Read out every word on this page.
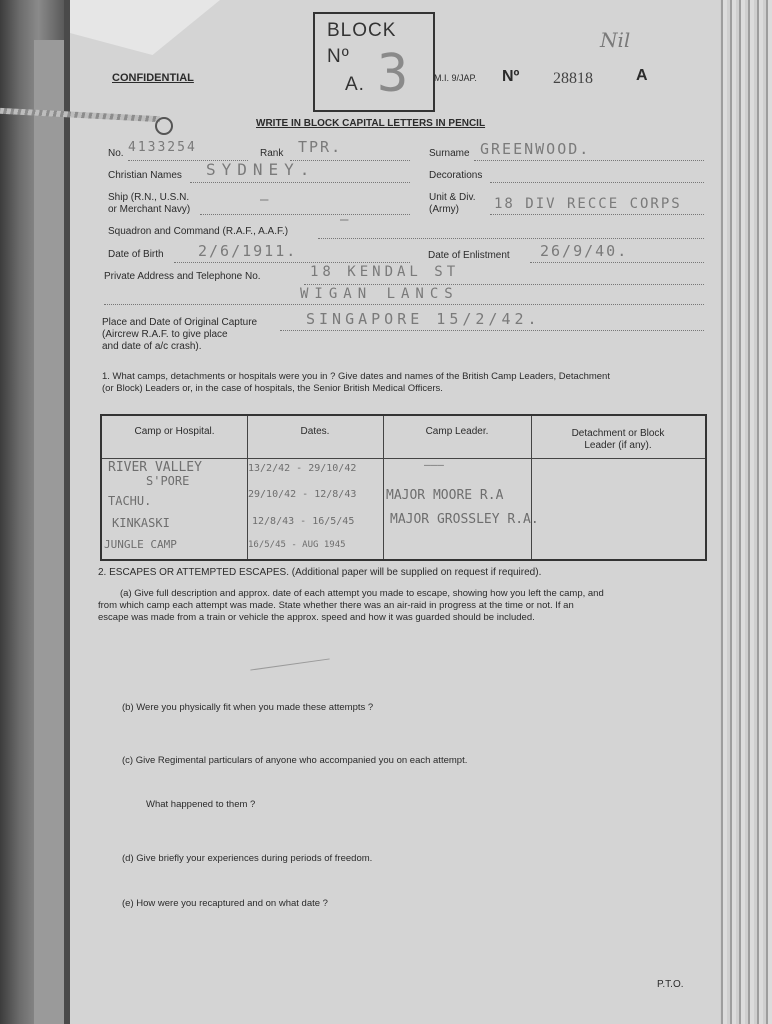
CONFIDENTIAL
BLOCK
Nº
A. 3
Nil
M.I. 9/JAP. Nº 28818	A
WRITE IN BLOCK CAPITAL LETTERS IN PENCIL
No. 4133254	Rank TPR.	Surname GREENWOOD.
Christian Names SYDNEY.	Decorations
Ship (R.N., U.S.N.
or Merchant Navy)
—	Unit & Div.
(Army)	18 DIV RECCE CORPS
Squadron and Command (R.A.F., A.A.F.)
—
Date of Birth 2/6/1911.	Date of Enlistment 26/9/40.
Private Address and Telephone No.	18 KENDAL ST
WIGAN LANCS
Place and Date of Original Capture
(Aircrew R.A.F. to give place
and date of a/c crash).
SINGAPORE 15/2/42.
1. What camps, detachments or hospitals were you in ? Give dates and names of the British Camp Leaders, Detachment
(or Block) Leaders or, in the case of hospitals, the Senior British Medical Officers.
Camp or Hospital.	Dates.	Camp Leader.	Detachment or Block
Leader (if any).
RIVER VALLEY	13/2/42 - 29/10/42	———
S'PORE
TACHU.	29/10/42 - 12/8/43 MAJOR MOORE R.A
KINKASKI	12/8/43 - 16/5/45	MAJOR GROSSLEY R.A.
JUNGLE CAMP	16/5/45 - AUG 1945
2. ESCAPES OR ATTEMPTED ESCAPES. (Additional paper will be supplied on request if required).
(a) Give full description and approx. date of each attempt you made to escape, showing how you left the camp, and
from which camp each attempt was made. State whether there was an air-raid in progress at the time or not. If an
escape was made from a train or vehicle the approx. speed and how it was guarded should be included.
(b) Were you physically fit when you made these attempts ?
(c) Give Regimental particulars of anyone who accompanied you on each attempt.
What happened to them ?
(d) Give briefly your experiences during periods of freedom.
(e) How were you recaptured and on what date ?
P.T.O.
